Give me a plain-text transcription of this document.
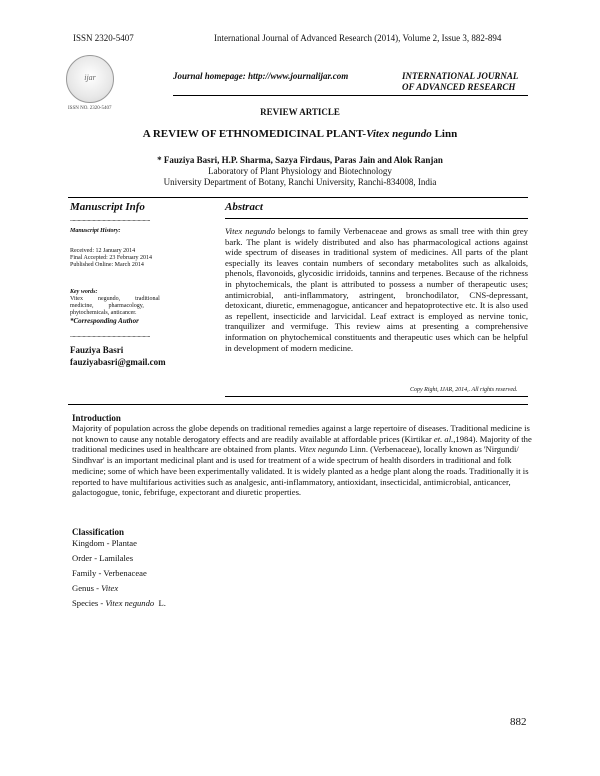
ISSN 2320-5407	International Journal of Advanced Research (2014), Volume 2, Issue 3, 882-894
ijar
ISSN NO. 2320-5407
Journal homepage: http://www.journalijar.com	INTERNATIONAL JOURNAL
OF ADVANCED RESEARCH
REVIEW ARTICLE
A REVIEW OF ETHNOMEDICINAL PLANT-Vitex negundo Linn
* Fauziya Basri, H.P. Sharma, Sazya Firdaus, Paras Jain and Alok Ranjan
Laboratory of Plant Physiology and Biotechnology
University Department of Botany, Ranchi University, Ranchi-834008, India
Manuscript Info
................................................................
Manuscript History:
Received: 12 January 2014
Final Accepted: 23 February 2014
Published Online: March 2014
Key words:
Vitex          negundo,          traditional
medicine,          pharmacology,
phytochemicals, anticancer.
*Corresponding Author
................................................................
Fauziya Basri
fauziyabasri@gmail.com
Abstract
Vitex negundo belongs to family Verbenaceae and grows as small tree with thin grey bark. The plant is widely distributed and also has pharmacological actions against wide spectrum of diseases in traditional system of medicines. All parts of the plant especially its leaves contain numbers of secondary metabolites such as alkaloids, phenols, flavonoids, glycosidic irridoids, tannins and terpenes. Because of the richness in phytochemicals, the plant is attributed to possess a number of therapeutic uses; antimicrobial, anti-inflammatory, astringent, bronchodilator, CNS-depressant, detoxicant, diuretic, emmenagogue, anticancer and hepatoprotective etc. It is also used as repellent, insecticide and larvicidal. Leaf extract is employed as nervine tonic, tranquilizer and vermifuge. This review aims at presenting a comprehensive information on phytochemical constituents and therapeutic uses which can be helpful in development of modern medicine.
Copy Right, IJAR, 2014,. All rights reserved.
Introduction
Majority of population across the globe depends on traditional remedies against a large repertoire of diseases. Traditional medicine is not known to cause any notable derogatory effects and are readily available at affordable prices (Kirtikar et. al.,1984). Majority of the traditional medicines used in healthcare are obtained from plants. Vitex negundo Linn. (Verbenaceae), locally known as 'Nirgundi/ Sindhvar' is an important medicinal plant and is used for treatment of a wide spectrum of health disorders in traditional and folk medicine; some of which have been experimentally validated. It is widely planted as a hedge plant along the roads. Traditionally it is reported to have multifarious activities such as analgesic, anti-inflammatory, antioxidant, insecticidal, antimicrobial, anticancer, galactogogue, tonic, febrifuge, expectorant and diuretic properties.
Classification
Kingdom - Plantae
Order - Lamilales
Family - Verbenaceae
Genus - Vitex
Species - Vitex negundo  L.
882
